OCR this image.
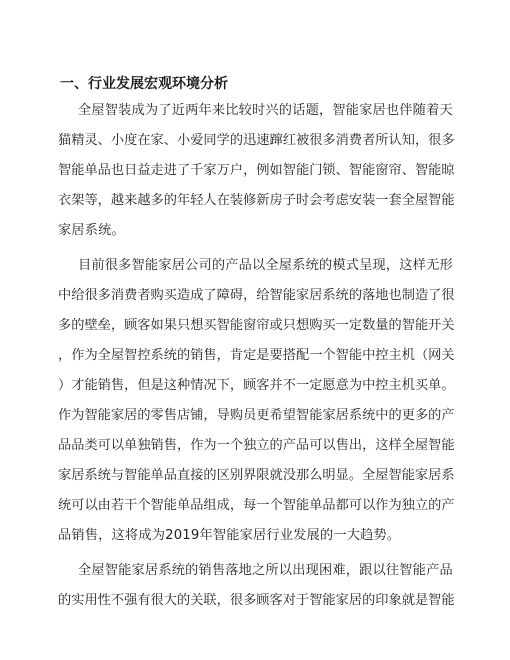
一、行业发展宏观环境分析
全屋智装成为了近两年来比较时兴的话题，智能家居也伴随着天
猫精灵、小度在家、小爱同学的迅速蹿红被很多消费者所认知，很多
智能单品也日益走进了千家万户，例如智能门锁、智能窗帘、智能晾
衣架等，越来越多的年轻人在装修新房子时会考虑安装一套全屋智能
家居系统。
目前很多智能家居公司的产品以全屋系统的模式呈现，这样无形
中给很多消费者购买造成了障碍，给智能家居系统的落地也制造了很
多的壁垒，顾客如果只想买智能窗帘或只想购买一定数量的智能开关
，作为全屋智控系统的销售，肯定是要搭配一个智能中控主机（网关
）才能销售，但是这种情况下，顾客并不一定愿意为中控主机买单。
作为智能家居的零售店铺，导购员更希望智能家居系统中的更多的产
品品类可以单独销售，作为一个独立的产品可以售出，这样全屋智能
家居系统与智能单品直接的区别界限就没那么明显。全屋智能家居系
统可以由若干个智能单品组成，每一个智能单品都可以作为独立的产
品销售，这将成为2019年智能家居行业发展的一大趋势。
全屋智能家居系统的销售落地之所以出现困难，跟以往智能产品
的实用性不强有很大的关联，很多顾客对于智能家居的印象就是智能
